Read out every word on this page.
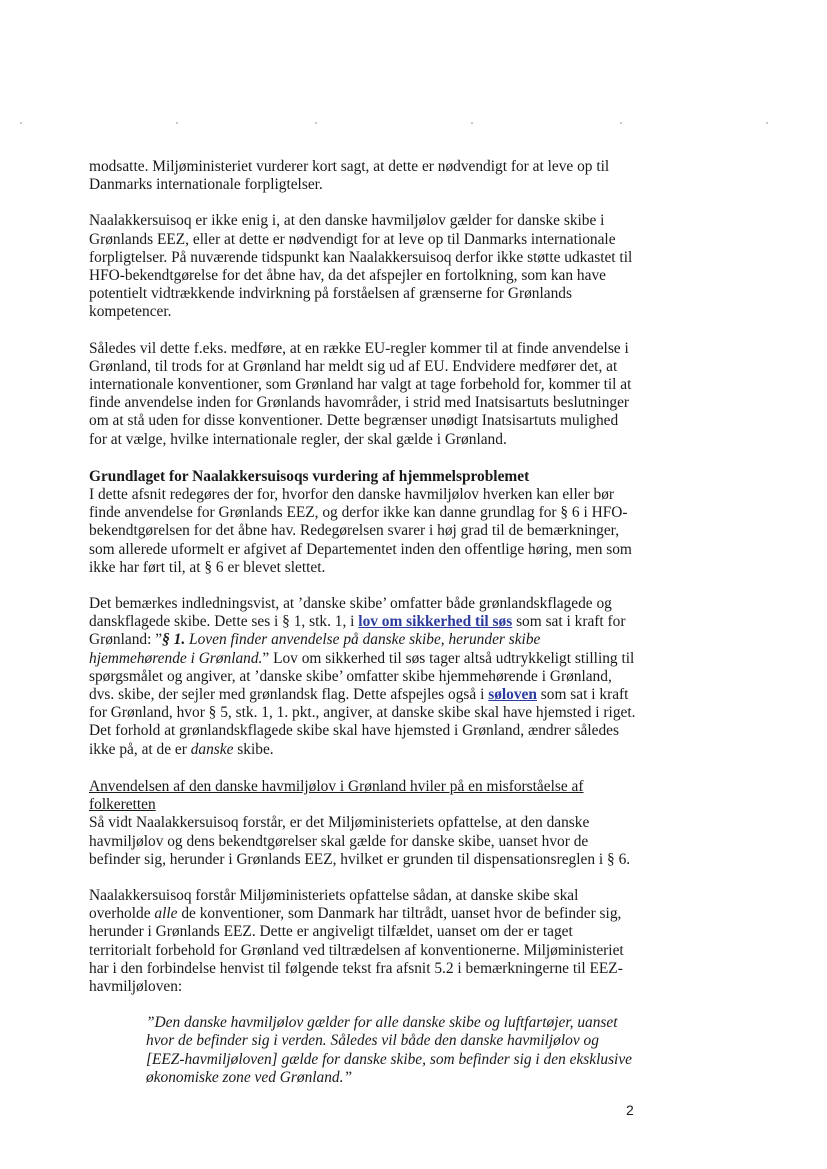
modsatte. Miljøministeriet vurderer kort sagt, at dette er nødvendigt for at leve op til Danmarks internationale forpligtelser.

Naalakkersuisoq er ikke enig i, at den danske havmiljølov gælder for danske skibe i Grønlands EEZ, eller at dette er nødvendigt for at leve op til Danmarks internationale forpligtelser. På nuværende tidspunkt kan Naalakkersuisoq derfor ikke støtte udkastet til HFO-bekendtgørelse for det åbne hav, da det afspejler en fortolkning, som kan have potentielt vidtrækkende indvirkning på forståelsen af grænserne for Grønlands kompetencer.

Således vil dette f.eks. medføre, at en række EU-regler kommer til at finde anvendelse i Grønland, til trods for at Grønland har meldt sig ud af EU. Endvidere medfører det, at internationale konventioner, som Grønland har valgt at tage forbehold for, kommer til at finde anvendelse inden for Grønlands havområder, i strid med Inatsisartuts beslutninger om at stå uden for disse konventioner. Dette begrænser unødigt Inatsisartuts mulighed for at vælge, hvilke internationale regler, der skal gælde i Grønland.

Grundlaget for Naalakkersuisoqs vurdering af hjemmelsproblemet

I dette afsnit redegøres der for, hvorfor den danske havmiljølov hverken kan eller bør finde anvendelse for Grønlands EEZ, og derfor ikke kan danne grundlag for § 6 i HFO-bekendtgørelsen for det åbne hav. Redegørelsen svarer i høj grad til de bemærkninger, som allerede uformelt er afgivet af Departementet inden den offentlige høring, men som ikke har ført til, at § 6 er blevet slettet.

Det bemærkes indledningsvist, at ’danske skibe’ omfatter både grønlandskflagede og danskflagede skibe. Dette ses i § 1, stk. 1, i lov om sikkerhed til søs som sat i kraft for Grønland: ”§ 1. Loven finder anvendelse på danske skibe, herunder skibe hjemmehørende i Grønland.” Lov om sikkerhed til søs tager altså udtrykkeligt stilling til spørgsmålet og angiver, at ’danske skibe’ omfatter skibe hjemmehørende i Grønland, dvs. skibe, der sejler med grønlandsk flag. Dette afspejles også i søloven som sat i kraft for Grønland, hvor § 5, stk. 1, 1. pkt., angiver, at danske skibe skal have hjemsted i riget. Det forhold at grønlandskflagede skibe skal have hjemsted i Grønland, ændrer således ikke på, at de er danske skibe.

Anvendelsen af den danske havmiljølov i Grønland hviler på en misforståelse af folkeretten

Så vidt Naalakkersuisoq forstår, er det Miljøministeriets opfattelse, at den danske havmiljølov og dens bekendtgørelser skal gælde for danske skibe, uanset hvor de befinder sig, herunder i Grønlands EEZ, hvilket er grunden til dispensationsreglen i § 6.

Naalakkersuisoq forstår Miljøministeriets opfattelse sådan, at danske skibe skal overholde alle de konventioner, som Danmark har tiltrådt, uanset hvor de befinder sig, herunder i Grønlands EEZ. Dette er angiveligt tilfældet, uanset om der er taget territorialt forbehold for Grønland ved tiltrædelsen af konventionerne. Miljøministeriet har i den forbindelse henvist til følgende tekst fra afsnit 5.2 i bemærkningerne til EEZ-havmiljøloven:

”Den danske havmiljølov gælder for alle danske skibe og luftfartøjer, uanset hvor de befinder sig i verden. Således vil både den danske havmiljølov og [EEZ-havmiljøloven] gælde for danske skibe, som befinder sig i den eksklusive økonomiske zone ved Grønland.”

2
